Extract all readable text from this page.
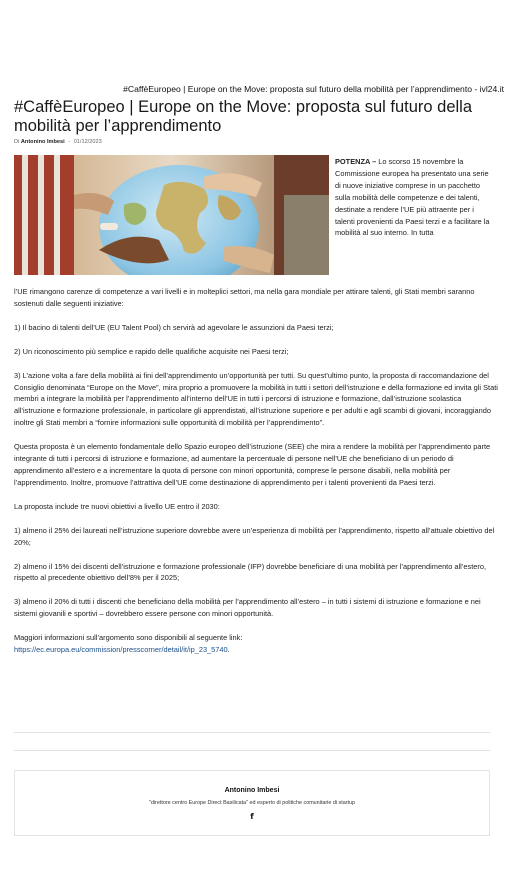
#CaffèEuropeo | Europe on the Move: proposta sul futuro della mobilità per l’apprendimento - ivl24.it
#CaffèEuropeo | Europe on the Move: proposta sul futuro della mobilità per l’apprendimento
Di Antonino Imbesi - 01/12/2023
POTENZA – Lo scorso 15 novembre la Commissione europea ha presentato una serie di nuove iniziative comprese in un pacchetto sulla mobilità delle competenze e dei talenti, destinate a rendere l’UE più attraente per i talenti provenienti da Paesi terzi e a facilitare la mobilità al suo interno. In tutta

l’UE rimangono carenze di competenze a vari livelli e in molteplici settori, ma nella gara mondiale per attirare talenti, gli Stati membri saranno sostenuti dalle seguenti iniziative:

1) Il bacino di talenti dell’UE (EU Talent Pool) ch servirà ad agevolare le assunzioni da Paesi terzi;

2) Un riconoscimento più semplice e rapido delle qualifiche acquisite nei Paesi terzi;

3) L’azione volta a fare della mobilità ai fini dell’apprendimento un’opportunità per tutti. Su quest’ultimo punto, la proposta di raccomandazione del Consiglio denominata “Europe on the Move”, mira proprio a promuovere la mobilità in tutti i settori dell’istruzione e della formazione ed invita gli Stati membri a integrare la mobilità per l’apprendimento all’interno dell’UE in tutti i percorsi di istruzione e formazione, dall’istruzione scolastica all’istruzione e formazione professionale, in particolare gli apprendistati, all’istruzione superiore e per adulti e agli scambi di giovani, incoraggiando inoltre gli Stati membri a “fornire informazioni sulle opportunità di mobilità per l’apprendimento”.

Questa proposta è un elemento fondamentale dello Spazio europeo dell’istruzione (SEE) che mira a rendere la mobilità per l’apprendimento parte integrante di tutti i percorsi di istruzione e formazione, ad aumentare la percentuale di persone nell’UE che beneficiano di un periodo di apprendimento all’estero e a incrementare la quota di persone con minori opportunità, comprese le persone disabili, nella mobilità per l’apprendimento. Inoltre, promuove l’attrattiva dell’UE come destinazione di apprendimento per i talenti provenienti da Paesi terzi.

La proposta include tre nuovi obiettivi a livello UE entro il 2030:

1) almeno il 25% dei laureati nell’istruzione superiore dovrebbe avere un’esperienza di mobilità per l’apprendimento, rispetto all’attuale obiettivo del 20%;

2) almeno il 15% dei discenti dell’istruzione e formazione professionale (IFP) dovrebbe beneficiare di una mobilità per l’apprendimento all’estero, rispetto al precedente obiettivo dell’8% per il 2025;

3) almeno il 20% di tutti i discenti che beneficiano della mobilità per l’apprendimento all’estero – in tutti i sistemi di istruzione e formazione e nei sistemi giovanili e sportivi – dovrebbero essere persone con minori opportunità.

Maggiori informazioni sull’argomento sono disponibili al seguente link:
https://ec.europa.eu/commission/presscorner/detail/it/ip_23_5740.

Antonino Imbesi
"direttore centro Europe Direct Basilicata" ed esperto di politiche comunitarie di startup
f
